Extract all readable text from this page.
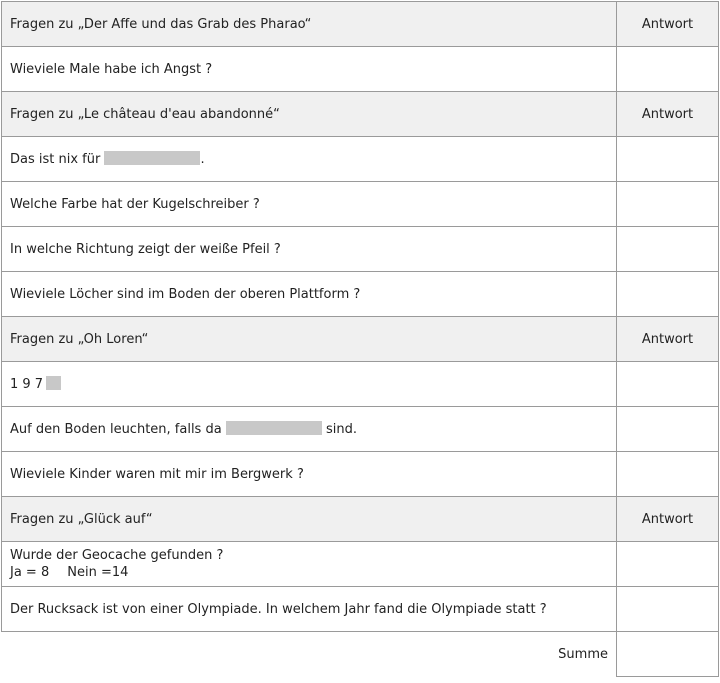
Fragen zu „Der Affe und das Grab des Pharao“	Antwort
Wieviele Male habe ich Angst ?	
Fragen zu „Le château d'eau abandonné“	Antwort
Das ist nix für .	
Welche Farbe hat der Kugelschreiber ?	
In welche Richtung zeigt der weiße Pfeil ?	
Wieviele Löcher sind im Boden der oberen Plattform ?	
Fragen zu „Oh Loren“	Antwort
1 9 7	
Auf den Boden leuchten, falls da sind.	
Wieviele Kinder waren mit mir im Bergwerk ?	
Fragen zu „Glück auf“	Antwort

Wurde der Geocache gefunden ?
Ja = 8 Nein =14	

Der Rucksack ist von einer Olympiade. In welchem Jahr fand die Olympiade statt ?	
Summe	
